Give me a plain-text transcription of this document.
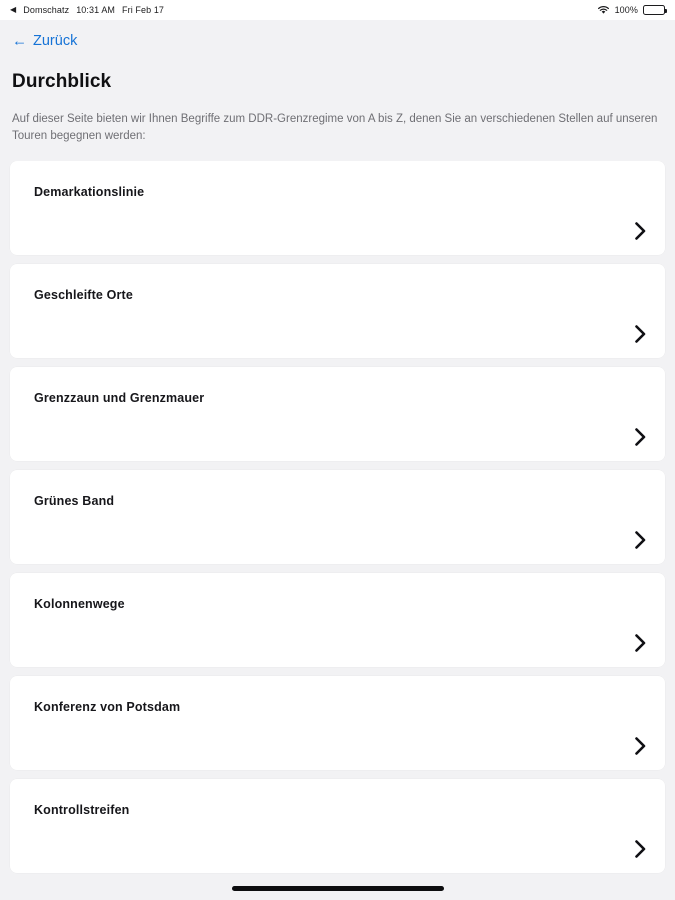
◀ Domschatz 10:31 AM Fri Feb 17	100%
← Zurück
Durchblick

Auf dieser Seite bieten wir Ihnen Begriffe zum DDR-Grenzregime von A bis Z, denen Sie an verschiedenen Stellen auf unseren Touren begegnen werden:

Demarkationslinie
Geschleifte Orte
Grenzzaun und Grenzmauer
Grünes Band
Kolonnenwege
Konferenz von Potsdam
Kontrollstreifen
